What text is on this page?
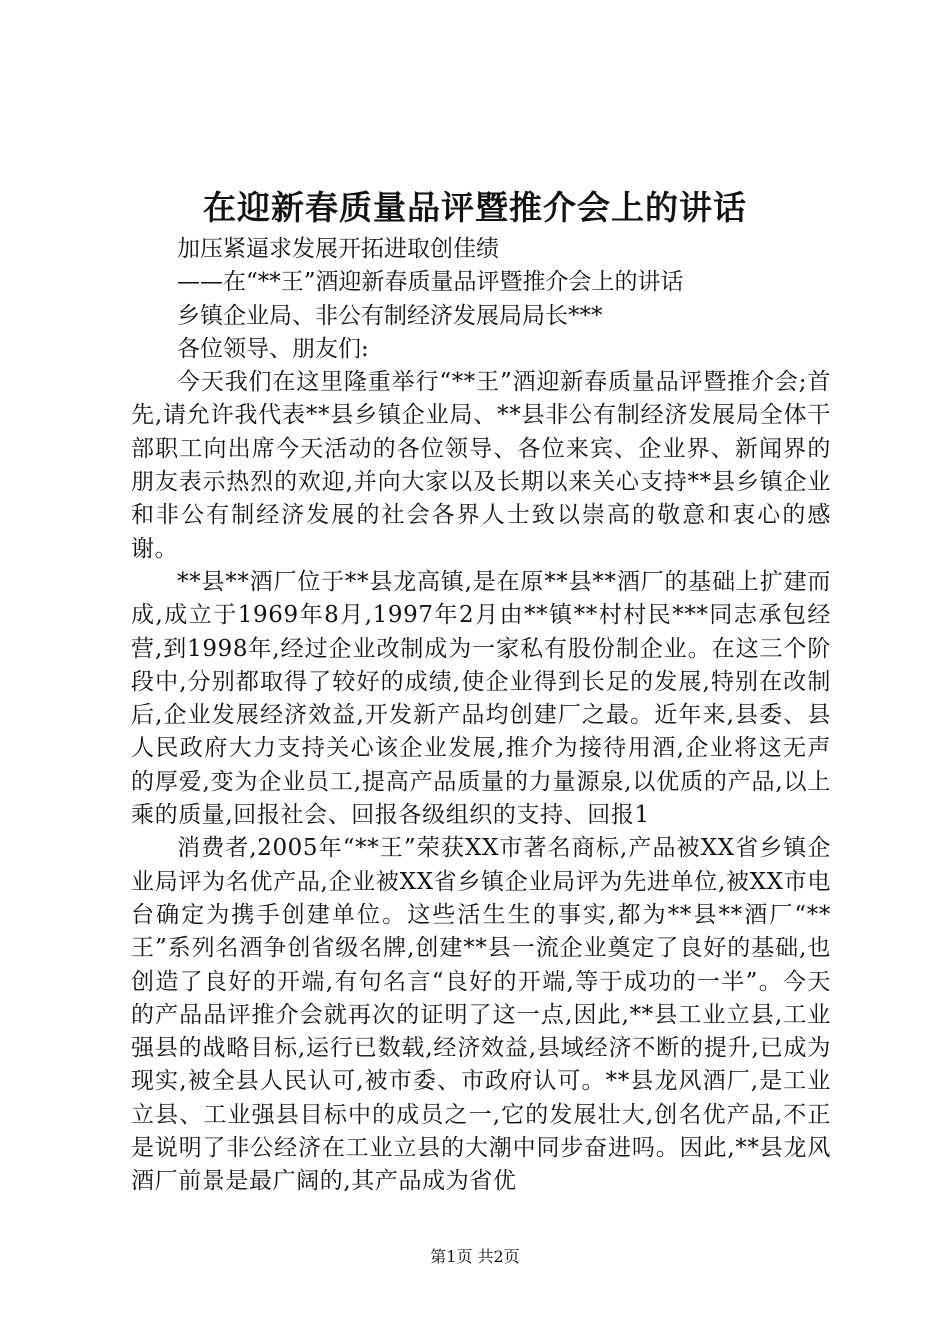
在迎新春质量品评暨推介会上的讲话

加压紧逼求发展开拓进取创佳绩

——在“**王”酒迎新春质量品评暨推介会上的讲话

乡镇企业局、非公有制经济发展局局长***

各位领导、朋友们:

今天我们在这里隆重举行“**王”酒迎新春质量品评暨推介会;首先,请允许我代表**县乡镇企业局、**县非公有制经济发展局全体干部职工向出席今天活动的各位领导、各位来宾、企业界、新闻界的朋友表示热烈的欢迎,并向大家以及长期以来关心支持**县乡镇企业和非公有制经济发展的社会各界人士致以崇高的敬意和衷心的感谢。

**县**酒厂位于**县龙高镇,是在原**县**酒厂的基础上扩建而成,成立于1969年8月,1997年2月由**镇**村村民***同志承包经营,到1998年,经过企业改制成为一家私有股份制企业。在这三个阶段中,分别都取得了较好的成绩,使企业得到长足的发展,特别在改制后,企业发展经济效益,开发新产品均创建厂之最。近年来,县委、县人民政府大力支持关心该企业发展,推介为接待用酒,企业将这无声的厚爱,变为企业员工,提高产品质量的力量源泉,以优质的产品,以上乘的质量,回报社会、回报各级组织的支持、回报1

消费者,2005年“**王”荣获XX市著名商标,产品被XX省乡镇企业局评为名优产品,企业被XX省乡镇企业局评为先进单位,被XX市电台确定为携手创建单位。这些活生生的事实,都为**县**酒厂“**王”系列名酒争创省级名牌,创建**县一流企业奠定了良好的基础,也创造了良好的开端,有句名言“良好的开端,等于成功的一半”。今天的产品品评推介会就再次的证明了这一点,因此,**县工业立县,工业强县的战略目标,运行已数载,经济效益,县域经济不断的提升,已成为现实,被全县人民认可,被市委、市政府认可。**县龙风酒厂,是工业立县、工业强县目标中的成员之一,它的发展壮大,创名优产品,不正是说明了非公经济在工业立县的大潮中同步奋进吗。因此,**县龙风酒厂前景是最广阔的,其产品成为省优

第1页 共2页
